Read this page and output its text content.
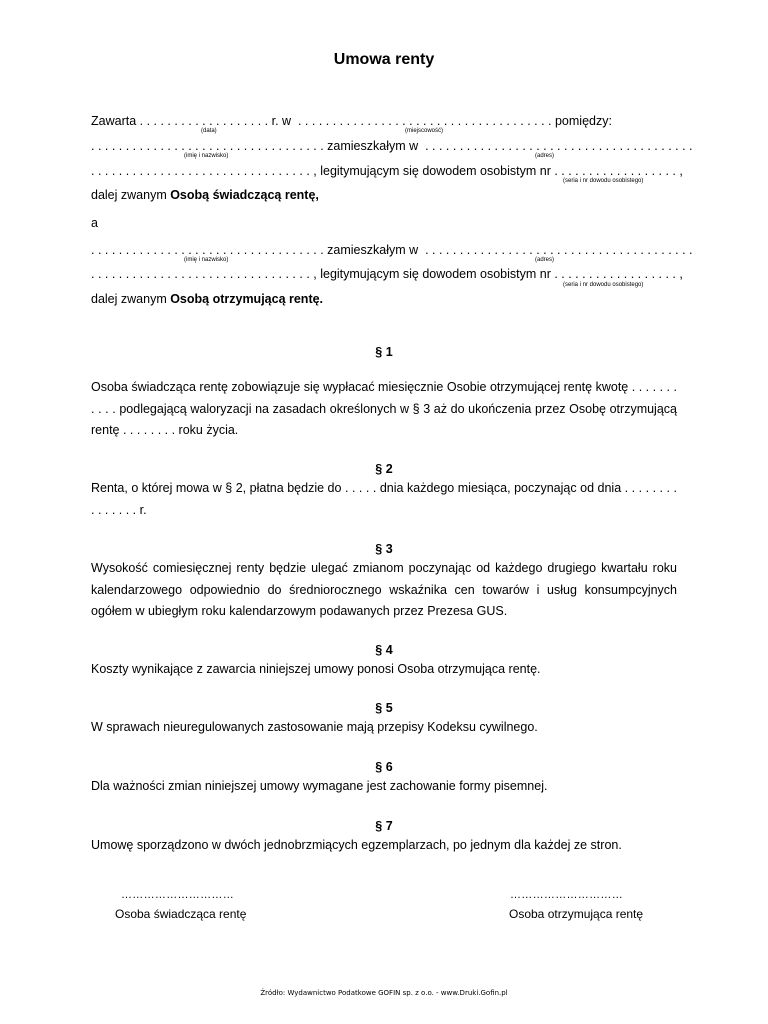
Umowa renty
Zawarta . . . . . . . . . . . . . . . . . . . r. w  . . . . . . . . . . . . . . . . . . . . . . . . . . . . . . . . . . . . . pomiędzy:
(data)	(miejscowość)
. . . . . . . . . . . . . . . . . . . . . . . . . . . . . . . . . . zamieszkałym w  . . . . . . . . . . . . . . . . . . . . . . . . . . . . . . . . . . . . . . .
(imię i nazwisko)	(adres)
. . . . . . . . . . . . . . . . . . . . . . . . . . . . . . . . , legitymującym się dowodem osobistym nr . . . . . . . . . . . . . . . . . . ,
(seria i nr dowodu osobistego)
dalej zwanym Osobą świadczącą rentę,
a
. . . . . . . . . . . . . . . . . . . . . . . . . . . . . . . . . . zamieszkałym w  . . . . . . . . . . . . . . . . . . . . . . . . . . . . . . . . . . . . . . .
(imię i nazwisko)	(adres)
. . . . . . . . . . . . . . . . . . . . . . . . . . . . . . . . , legitymującym się dowodem osobistym nr . . . . . . . . . . . . . . . . . . ,
(seria i nr dowodu osobistego)
dalej zwanym Osobą otrzymującą rentę.
§ 1
Osoba świadcząca rentę zobowiązuje się wypłacać miesięcznie Osobie otrzymującej rentę kwotę . . . . . . . . . . . podlegającą waloryzacji na zasadach określonych w § 3 aż do ukończenia przez Osobę otrzymującą rentę . . . . . . . . roku życia.
§ 2
Renta, o której mowa w § 2, płatna będzie do . . . . . dnia każdego miesiąca, poczynając od dnia . . . . . . . . . . . . . . . r.
§ 3
Wysokość comiesięcznej renty będzie ulegać zmianom poczynając od każdego drugiego kwartału roku kalendarzowego odpowiednio do średniorocznego wskaźnika cen towarów i usług konsumpcyjnych ogółem w ubiegłym roku kalendarzowym podawanych przez Prezesa GUS.
§ 4
Koszty wynikające z zawarcia niniejszej umowy ponosi Osoba otrzymująca rentę.
§ 5
W sprawach nieuregulowanych zastosowanie mają przepisy Kodeksu cywilnego.
§ 6
Dla ważności zmian niniejszej umowy wymagane jest zachowanie formy pisemnej.
§ 7
Umowę sporządzono w dwóch jednobrzmiących egzemplarzach, po jednym dla każdej ze stron.
…………………………
Osoba świadcząca rentę
…………………………
Osoba otrzymująca rentę
Źródło: Wydawnictwo Podatkowe GOFIN sp. z o.o. - www.Druki.Gofin.pl
